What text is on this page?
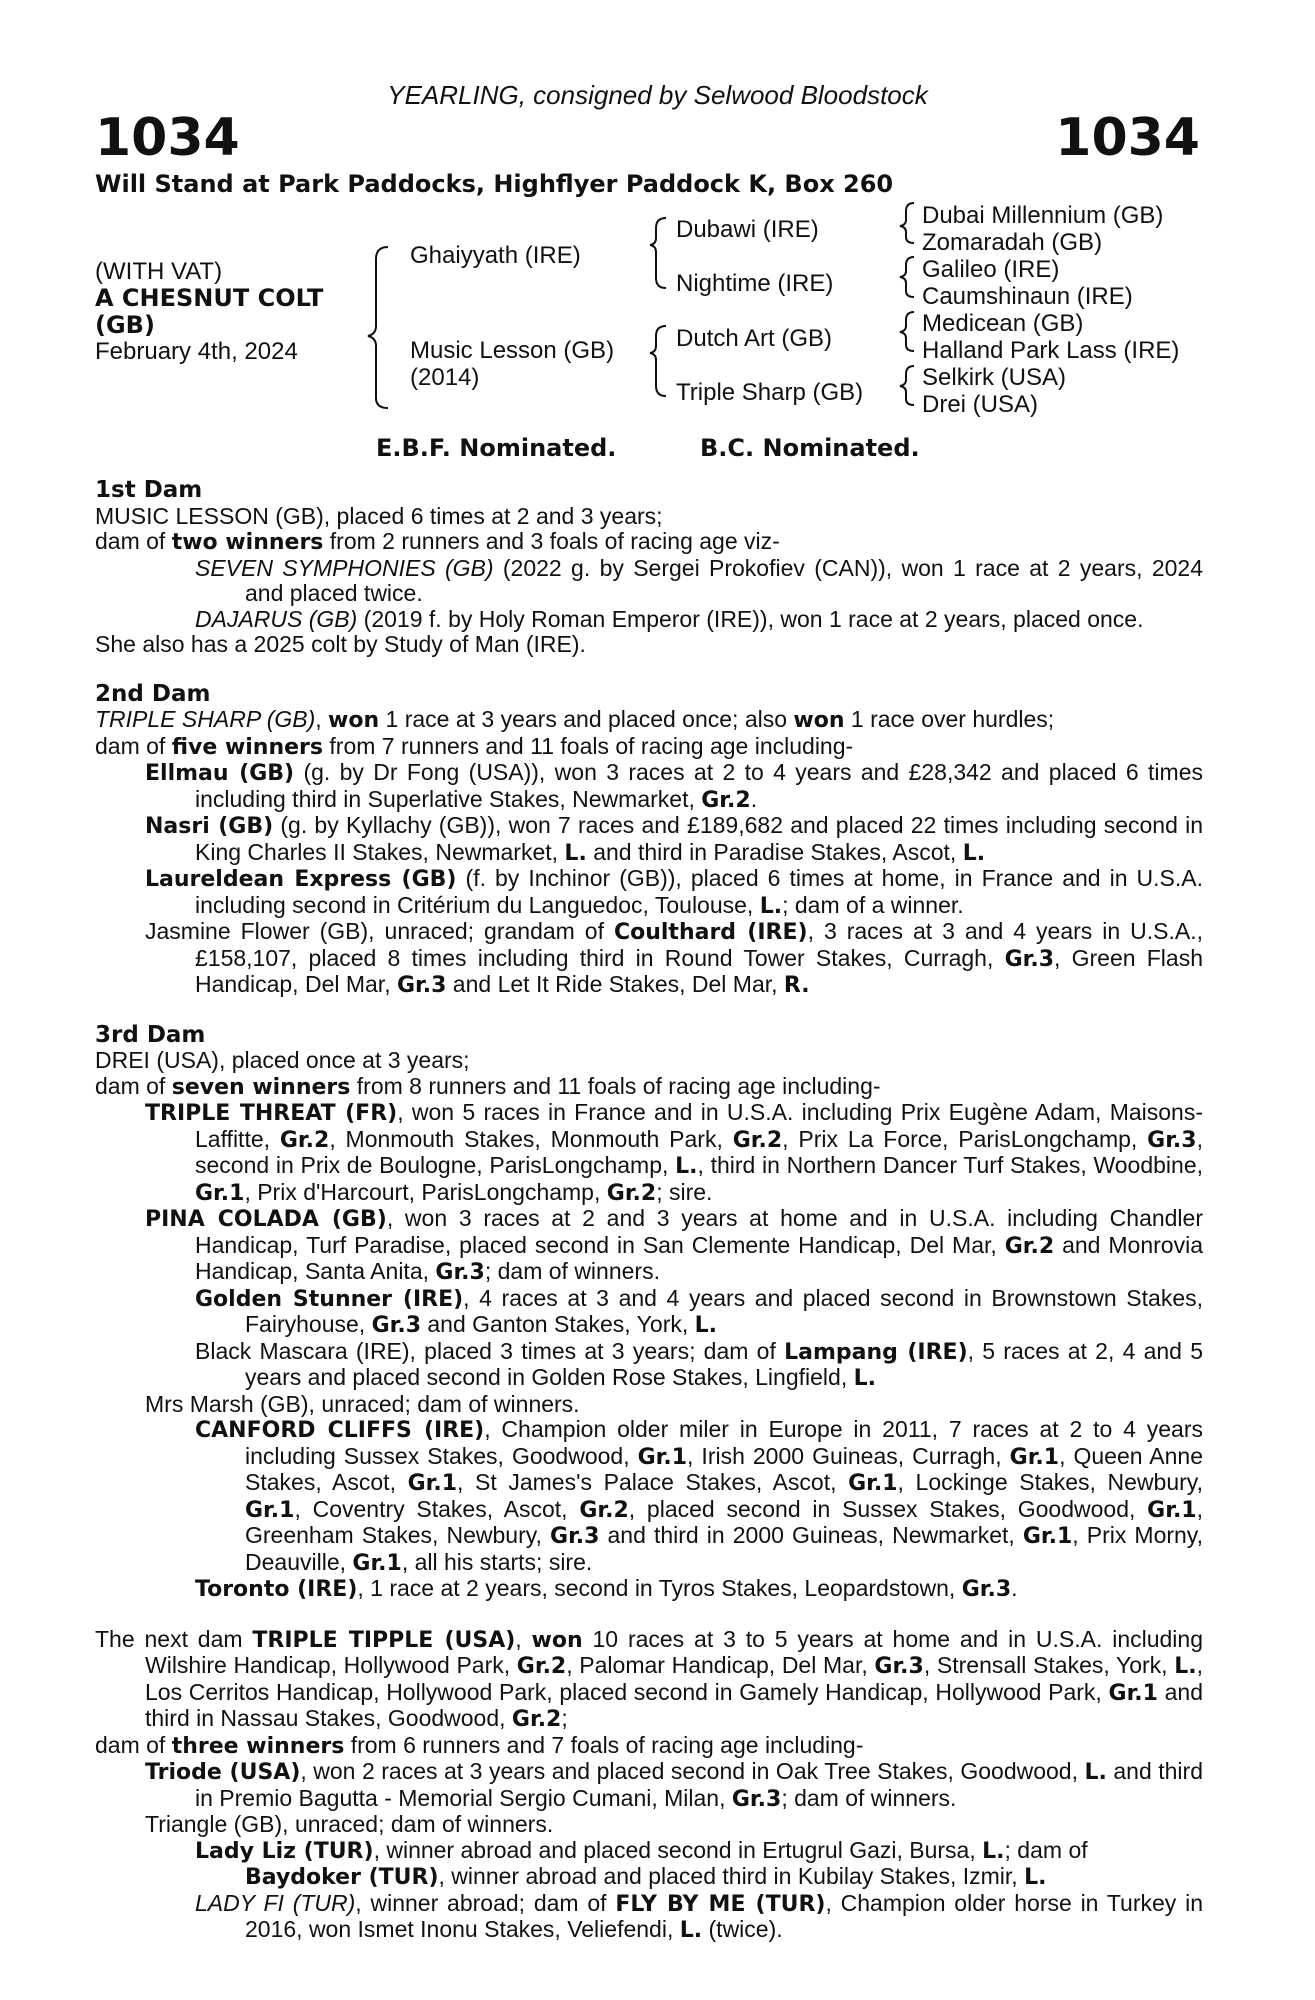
YEARLING, consigned by Selwood Bloodstock
1034	1034
Will Stand at Park Paddocks, Highflyer Paddock K, Box 260
(WITH VAT)
A CHESNUT COLT
(GB)
February 4th, 2024
Ghaiyyath (IRE)
Music Lesson (GB)
(2014)
Dubawi (IRE)
Nightime (IRE)
Dutch Art (GB)
Triple Sharp (GB)
Dubai Millennium (GB)
Zomaradah (GB)
Galileo (IRE)
Caumshinaun (IRE)
Medicean (GB)
Halland Park Lass (IRE)
Selkirk (USA)
Drei (USA)
E.B.F. Nominated.	B.C. Nominated.
1st Dam

MUSIC LESSON (GB), placed 6 times at 2 and 3 years;

dam of two winners from 2 runners and 3 foals of racing age viz-

SEVEN SYMPHONIES (GB) (2022 g. by Sergei Prokofiev (CAN)), won 1 race at 2 years, 2024 and placed twice.

DAJARUS (GB) (2019 f. by Holy Roman Emperor (IRE)), won 1 race at 2 years, placed once.

She also has a 2025 colt by Study of Man (IRE).

2nd Dam

TRIPLE SHARP (GB), won 1 race at 3 years and placed once; also won 1 race over hurdles;

dam of five winners from 7 runners and 11 foals of racing age including-

Ellmau (GB) (g. by Dr Fong (USA)), won 3 races at 2 to 4 years and £28,342 and placed 6 times including third in Superlative Stakes, Newmarket, Gr.2.

Nasri (GB) (g. by Kyllachy (GB)), won 7 races and £189,682 and placed 22 times including second in King Charles II Stakes, Newmarket, L. and third in Paradise Stakes, Ascot, L.

Laureldean Express (GB) (f. by Inchinor (GB)), placed 6 times at home, in France and in U.S.A. including second in Critérium du Languedoc, Toulouse, L.; dam of a winner.

Jasmine Flower (GB), unraced; grandam of Coulthard (IRE), 3 races at 3 and 4 years in U.S.A., £158,107, placed 8 times including third in Round Tower Stakes, Curragh, Gr.3, Green Flash Handicap, Del Mar, Gr.3 and Let It Ride Stakes, Del Mar, R.

3rd Dam

DREI (USA), placed once at 3 years;

dam of seven winners from 8 runners and 11 foals of racing age including-

TRIPLE THREAT (FR), won 5 races in France and in U.S.A. including Prix Eugène Adam, Maisons-Laffitte, Gr.2, Monmouth Stakes, Monmouth Park, Gr.2, Prix La Force, ParisLongchamp, Gr.3, second in Prix de Boulogne, ParisLongchamp, L., third in Northern Dancer Turf Stakes, Woodbine, Gr.1, Prix d'Harcourt, ParisLongchamp, Gr.2; sire.

PINA COLADA (GB), won 3 races at 2 and 3 years at home and in U.S.A. including Chandler Handicap, Turf Paradise, placed second in San Clemente Handicap, Del Mar, Gr.2 and Monrovia Handicap, Santa Anita, Gr.3; dam of winners.

Golden Stunner (IRE), 4 races at 3 and 4 years and placed second in Brownstown Stakes, Fairyhouse, Gr.3 and Ganton Stakes, York, L.

Black Mascara (IRE), placed 3 times at 3 years; dam of Lampang (IRE), 5 races at 2, 4 and 5 years and placed second in Golden Rose Stakes, Lingfield, L.

Mrs Marsh (GB), unraced; dam of winners.

CANFORD CLIFFS (IRE), Champion older miler in Europe in 2011, 7 races at 2 to 4 years including Sussex Stakes, Goodwood, Gr.1, Irish 2000 Guineas, Curragh, Gr.1, Queen Anne Stakes, Ascot, Gr.1, St James's Palace Stakes, Ascot, Gr.1, Lockinge Stakes, Newbury, Gr.1, Coventry Stakes, Ascot, Gr.2, placed second in Sussex Stakes, Goodwood, Gr.1, Greenham Stakes, Newbury, Gr.3 and third in 2000 Guineas, Newmarket, Gr.1, Prix Morny, Deauville, Gr.1, all his starts; sire.

Toronto (IRE), 1 race at 2 years, second in Tyros Stakes, Leopardstown, Gr.3.

The next dam TRIPLE TIPPLE (USA), won 10 races at 3 to 5 years at home and in U.S.A. including Wilshire Handicap, Hollywood Park, Gr.2, Palomar Handicap, Del Mar, Gr.3, Strensall Stakes, York, L., Los Cerritos Handicap, Hollywood Park, placed second in Gamely Handicap, Hollywood Park, Gr.1 and third in Nassau Stakes, Goodwood, Gr.2;

dam of three winners from 6 runners and 7 foals of racing age including-

Triode (USA), won 2 races at 3 years and placed second in Oak Tree Stakes, Goodwood, L. and third in Premio Bagutta - Memorial Sergio Cumani, Milan, Gr.3; dam of winners.

Triangle (GB), unraced; dam of winners.

Lady Liz (TUR), winner abroad and placed second in Ertugrul Gazi, Bursa, L.; dam of

Baydoker (TUR), winner abroad and placed third in Kubilay Stakes, Izmir, L.

LADY FI (TUR), winner abroad; dam of FLY BY ME (TUR), Champion older horse in Turkey in 2016, won Ismet Inonu Stakes, Veliefendi, L. (twice).
